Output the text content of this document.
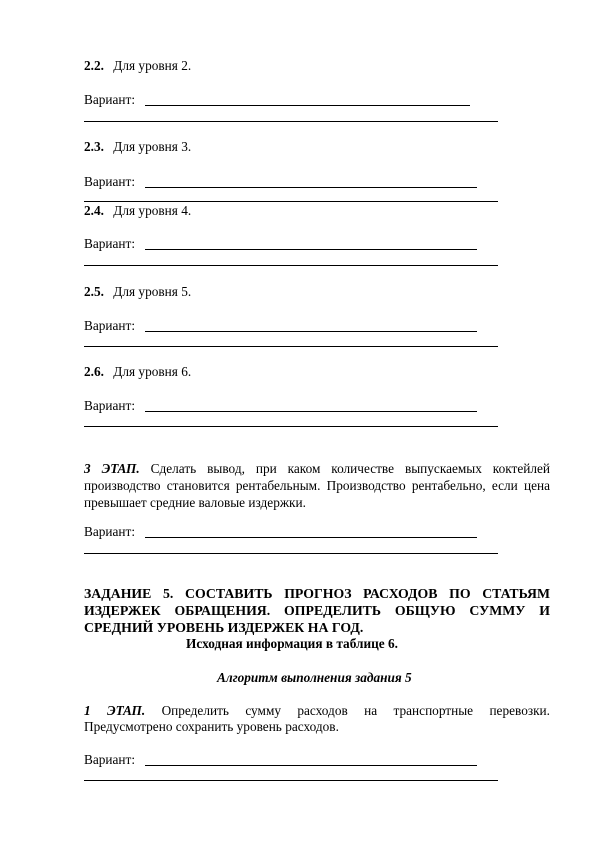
2.2. Для уровня 2.
Вариант:
2.3. Для уровня 3.
Вариант:
2.4. Для уровня 4.
Вариант:
2.5. Для уровня 5.
Вариант:
2.6. Для уровня 6.
Вариант:
3 ЭТАП. Сделать вывод, при каком количестве выпускаемых коктейлей производство становится рентабельным. Производство рентабельно, если цена превышает средние валовые издержки.
Вариант:
ЗАДАНИЕ 5. СОСТАВИТЬ ПРОГНОЗ РАСХОДОВ ПО СТАТЬЯМ ИЗДЕРЖЕК ОБРАЩЕНИЯ. ОПРЕДЕЛИТЬ ОБЩУЮ СУММУ И СРЕДНИЙ УРОВЕНЬ ИЗДЕРЖЕК НА ГОД.
Исходная информация в таблице 6.
Алгоритм выполнения задания 5
1 ЭТАП. Определить сумму расходов на транспортные перевозки.
Предусмотрено сохранить уровень расходов.
Вариант:
